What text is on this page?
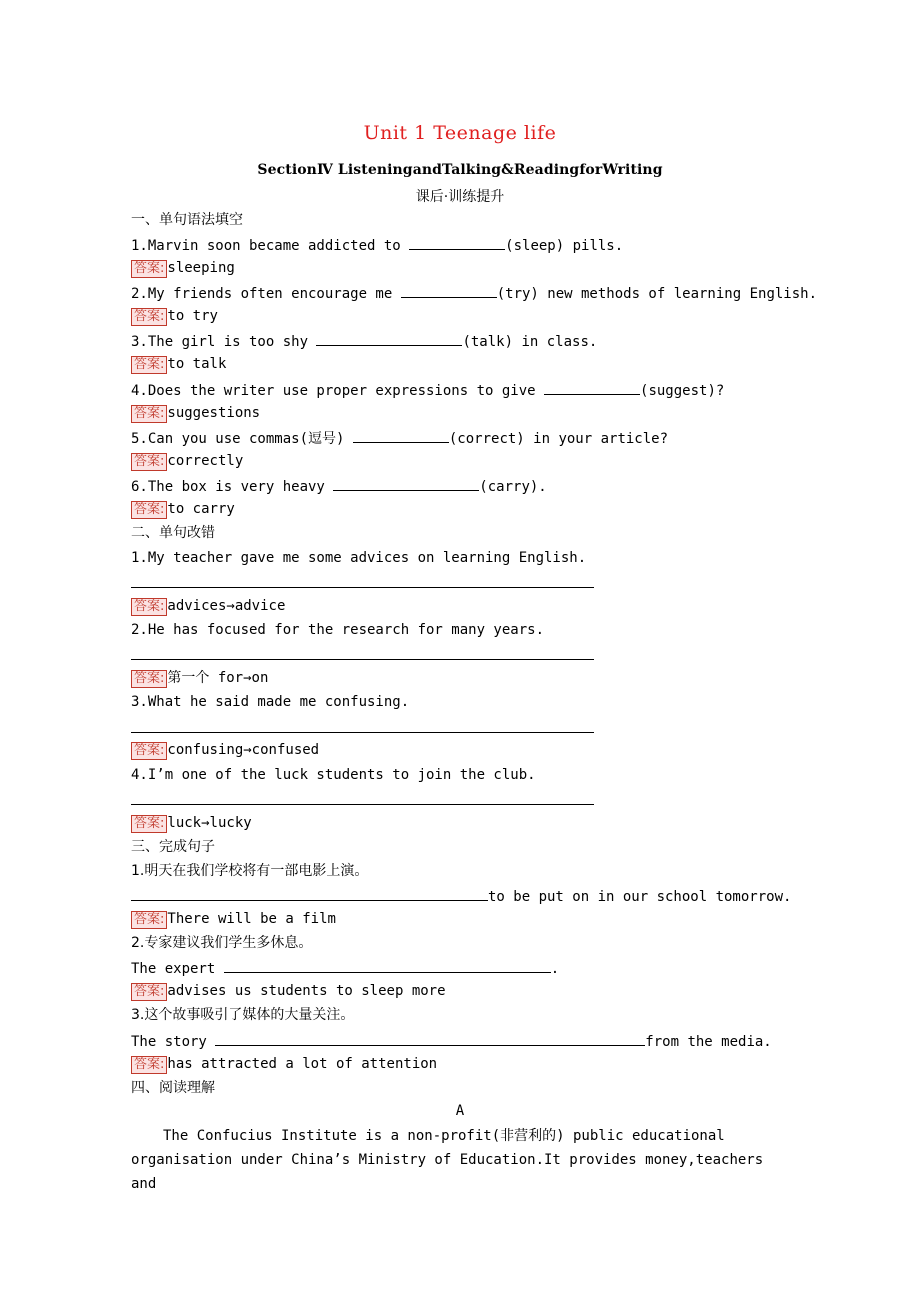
Unit 1 Teenage life
SectionⅣ ListeningandTalking&ReadingforWriting
课后·训练提升
一、单句语法填空
1.Marvin soon became addicted to	(sleep) pills.
答案: sleeping
2.My friends often encourage me	(try) new methods of learning English.
答案: to try
3.The girl is too shy	(talk) in class.
答案: to talk
4.Does the writer use proper expressions to give	(suggest)?
答案: suggestions
5.Can you use commas(逗号)	(correct) in your article?
答案: correctly
6.The box is very heavy	(carry).
答案: to carry
二、单句改错
1.My teacher gave me some advices on learning English.
答案: advices→advice
2.He has focused for the research for many years.
答案: 第一个 for→on
3.What he said made me confusing.
答案: confusing→confused
4.I’m one of the luck students to join the club.
答案: luck→lucky
三、完成句子
1.明天在我们学校将有一部电影上演。
to be put on in our school tomorrow.
答案: There will be a film
2.专家建议我们学生多休息。
The expert	.
答案: advises us students to sleep more
3.这个故事吸引了媒体的大量关注。
The story	from the media.
答案: has attracted a lot of attention
四、阅读理解
A
The Confucius Institute is a non-profit(非营利的) public educational organisation under China’s Ministry of Education.It provides money,teachers and
